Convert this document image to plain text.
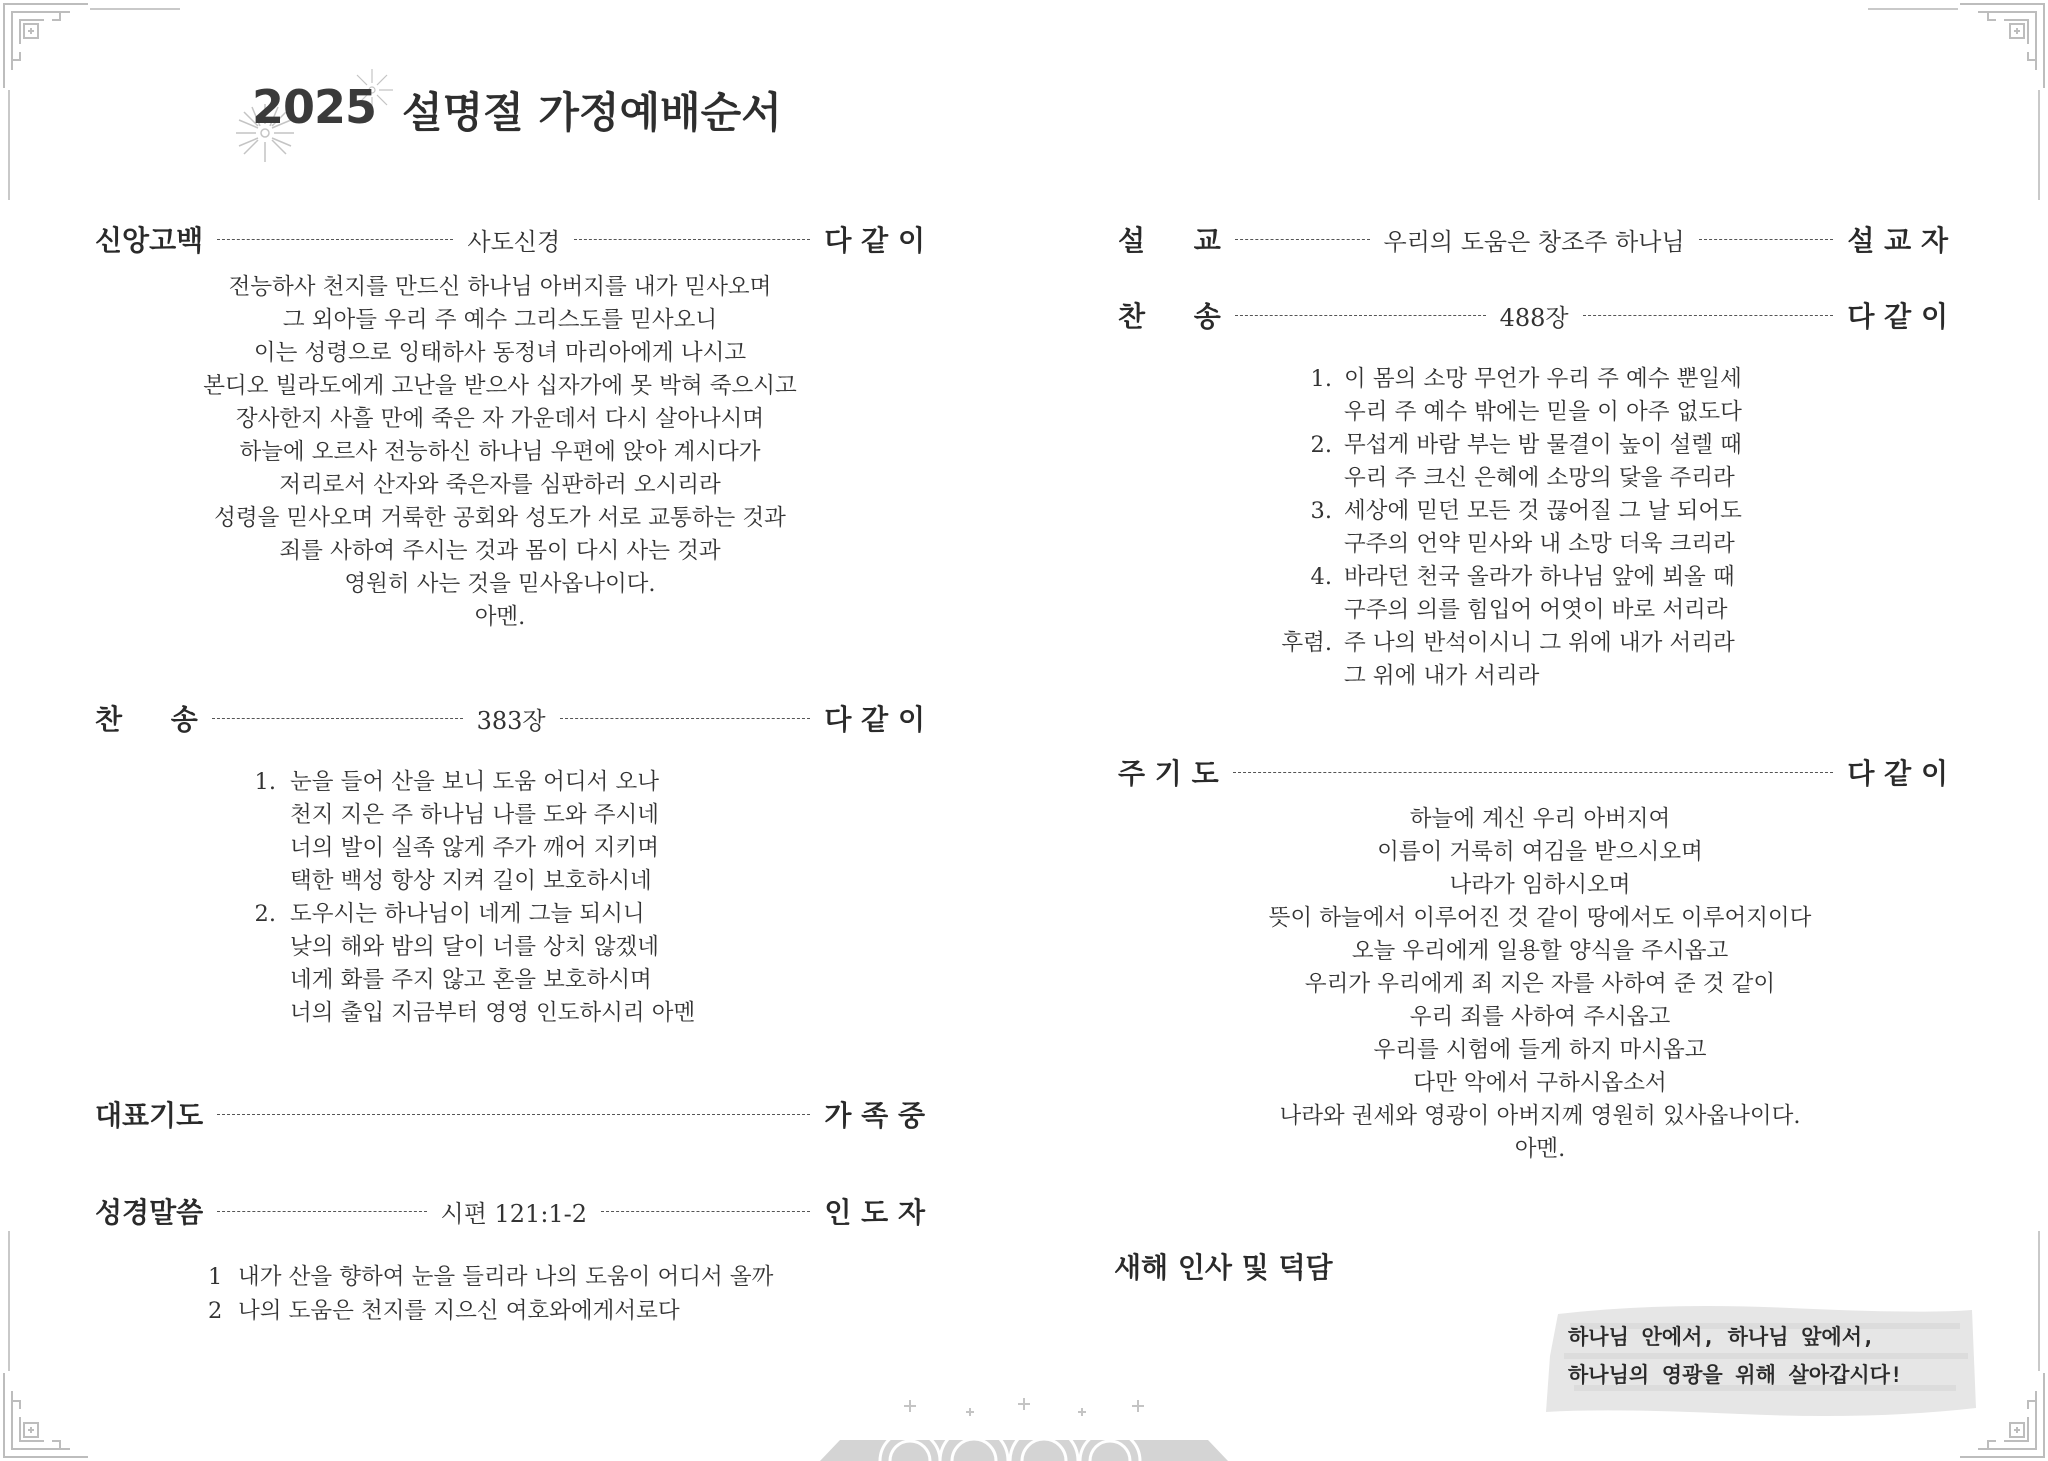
2025 설명절 가정예배순서
신앙고백	사도신경	다 같 이
전능하사 천지를 만드신 하나님 아버지를 내가 믿사오며
그 외아들 우리 주 예수 그리스도를 믿사오니
이는 성령으로 잉태하사 동정녀 마리아에게 나시고
본디오 빌라도에게 고난을 받으사 십자가에 못 박혀 죽으시고
장사한지 사흘 만에 죽은 자 가운데서 다시 살아나시며
하늘에 오르사 전능하신 하나님 우편에 앉아 계시다가
저리로서 산자와 죽은자를 심판하러 오시리라
성령을 믿사오며 거룩한 공회와 성도가 서로 교통하는 것과
죄를 사하여 주시는 것과 몸이 다시 사는 것과
영원히 사는 것을 믿사옵나이다.
아멘.
찬     송	383장	다 같 이
1. 눈을 들어 산을 보니 도움 어디서 오나
천지 지은 주 하나님 나를 도와 주시네
너의 발이 실족 않게 주가 깨어 지키며
택한 백성 항상 지켜 길이 보호하시네
2. 도우시는 하나님이 네게 그늘 되시니
낮의 해와 밤의 달이 너를 상치 않겠네
네게 화를 주지 않고 혼을 보호하시며
너의 출입 지금부터 영영 인도하시리 아멘
대표기도	가 족 중
성경말씀	시편 121:1-2	인 도 자
1 내가 산을 향하여 눈을 들리라 나의 도움이 어디서 올까
2 나의 도움은 천지를 지으신 여호와에게서로다
설     교	우리의 도움은 창조주 하나님	설 교 자
찬     송	488장	다 같 이
1. 이 몸의 소망 무언가 우리 주 예수 뿐일세
우리 주 예수 밖에는 믿을 이 아주 없도다
2. 무섭게 바람 부는 밤 물결이 높이 설렐 때
우리 주 크신 은혜에 소망의 닻을 주리라
3. 세상에 믿던 모든 것 끊어질 그 날 되어도
구주의 언약 믿사와 내 소망 더욱 크리라
4. 바라던 천국 올라가 하나님 앞에 뵈올 때
구주의 의를 힘입어 어엿이 바로 서리라
후렴. 주 나의 반석이시니 그 위에 내가 서리라
그 위에 내가 서리라
주 기 도	다 같 이
하늘에 계신 우리 아버지여
이름이 거룩히 여김을 받으시오며
나라가 임하시오며
뜻이 하늘에서 이루어진 것 같이 땅에서도 이루어지이다
오늘 우리에게 일용할 양식을 주시옵고
우리가 우리에게 죄 지은 자를 사하여 준 것 같이
우리 죄를 사하여 주시옵고
우리를 시험에 들게 하지 마시옵고
다만 악에서 구하시옵소서
나라와 권세와 영광이 아버지께 영원히 있사옵나이다.
아멘.
새해 인사 및 덕담
하나님 안에서, 하나님 앞에서,
하나님의 영광을 위해 살아갑시다!
